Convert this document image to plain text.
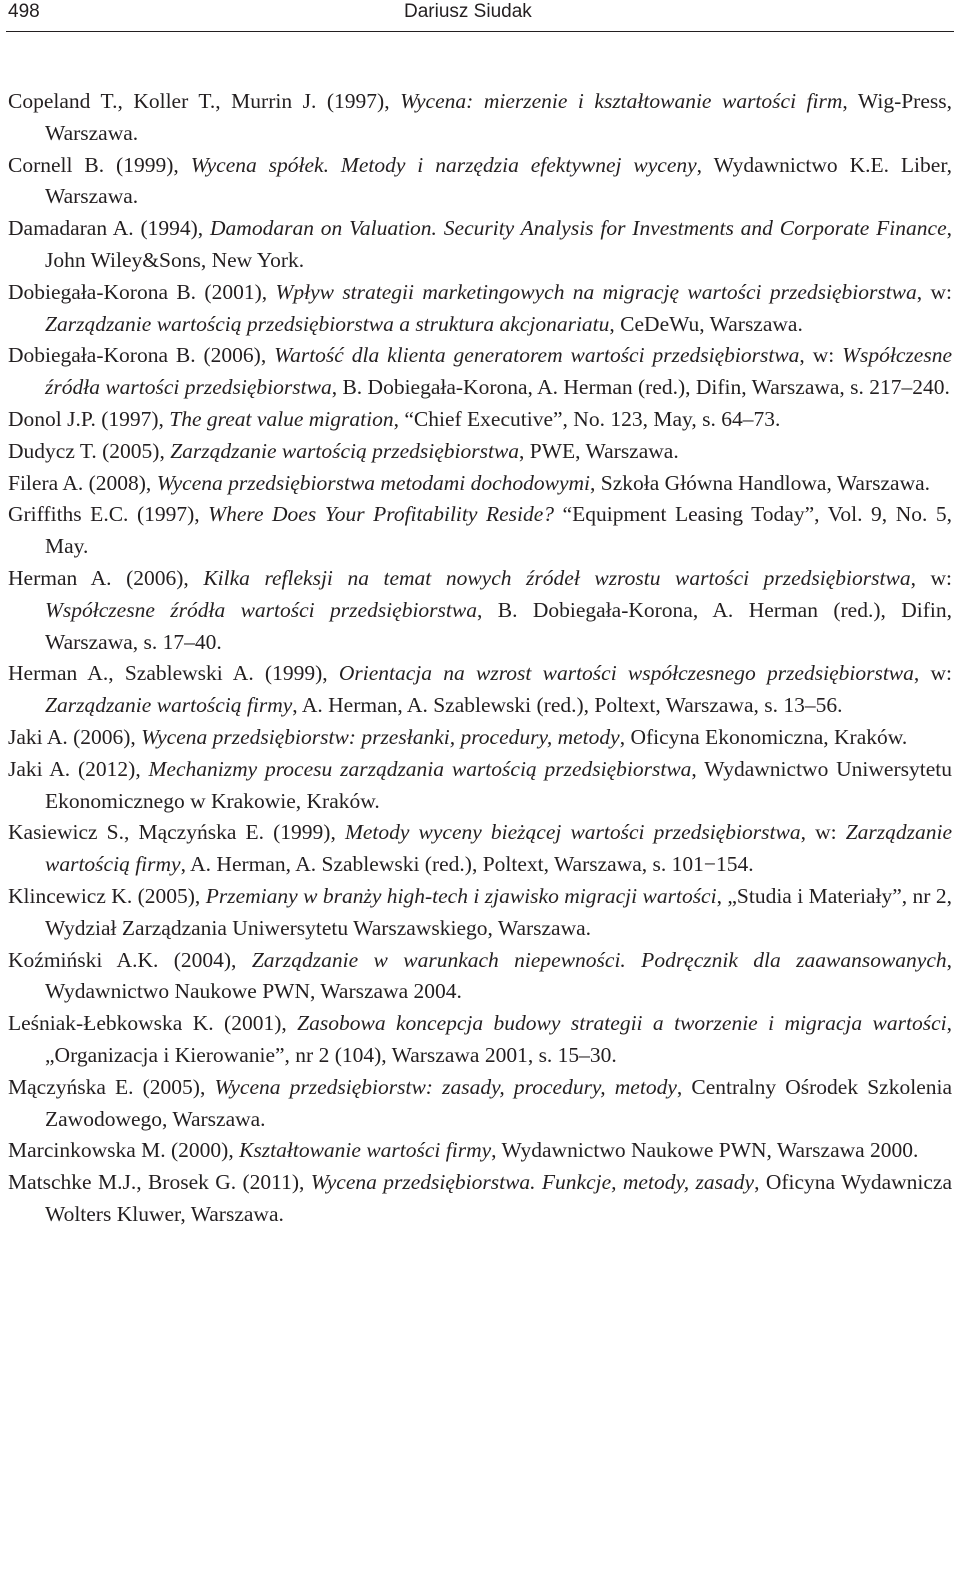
498	Dariusz Siudak

Copeland T., Koller T., Murrin J. (1997), Wycena: mierzenie i kształtowanie wartości firm, Wig-Press, Warszawa.

Cornell B. (1999), Wycena spółek. Metody i narzędzia efektywnej wyceny, Wydawnictwo K.E. Liber, Warszawa.

Damadaran A. (1994), Damodaran on Valuation. Security Analysis for Investments and Corporate Finance, John Wiley&Sons, New York.

Dobiegała-Korona B. (2001), Wpływ strategii marketingowych na migrację wartości przedsiębiorstwa, w: Zarządzanie wartością przedsiębiorstwa a struktura akcjonariatu, CeDeWu, Warszawa.

Dobiegała-Korona B. (2006), Wartość dla klienta generatorem wartości przedsiębiorstwa, w: Współczesne źródła wartości przedsiębiorstwa, B. Dobiegała-Korona, A. Herman (red.), Difin, Warszawa, s. 217–240.

Donol J.P. (1997), The great value migration, “Chief Executive”, No. 123, May, s. 64–73.

Dudycz T. (2005), Zarządzanie wartością przedsiębiorstwa, PWE, Warszawa.

Filera A. (2008), Wycena przedsiębiorstwa metodami dochodowymi, Szkoła Główna Handlowa, Warszawa.

Griffiths E.C. (1997), Where Does Your Profitability Reside? “Equipment Leasing Today”, Vol. 9, No. 5, May.

Herman A. (2006), Kilka refleksji na temat nowych źródeł wzrostu wartości przedsiębiorstwa, w: Współczesne źródła wartości przedsiębiorstwa, B. Dobiegała-Korona, A. Herman (red.), Difin, Warszawa, s. 17–40.

Herman A., Szablewski A. (1999), Orientacja na wzrost wartości współczesnego przedsiębiorstwa, w: Zarządzanie wartością firmy, A. Herman, A. Szablewski (red.), Poltext, Warszawa, s. 13–56.

Jaki A. (2006), Wycena przedsiębiorstw: przesłanki, procedury, metody, Oficyna Ekonomiczna, Kraków.

Jaki A. (2012), Mechanizmy procesu zarządzania wartością przedsiębiorstwa, Wydawnictwo Uniwersytetu Ekonomicznego w Krakowie, Kraków.

Kasiewicz S., Mączyńska E. (1999), Metody wyceny bieżącej wartości przedsiębiorstwa, w: Zarządzanie wartością firmy, A. Herman, A. Szablewski (red.), Poltext, Warszawa, s. 101−154.

Klincewicz K. (2005), Przemiany w branży high-tech i zjawisko migracji wartości, „Studia i Materiały”, nr 2, Wydział Zarządzania Uniwersytetu Warszawskiego, Warszawa.

Koźmiński A.K. (2004), Zarządzanie w warunkach niepewności. Podręcznik dla zaawansowanych, Wydawnictwo Naukowe PWN, Warszawa 2004.

Leśniak-Łebkowska K. (2001), Zasobowa koncepcja budowy strategii a tworzenie i migracja wartości, „Organizacja i Kierowanie”, nr 2 (104), Warszawa 2001, s. 15–30.

Mączyńska E. (2005), Wycena przedsiębiorstw: zasady, procedury, metody, Centralny Ośrodek Szkolenia Zawodowego, Warszawa.

Marcinkowska M. (2000), Kształtowanie wartości firmy, Wydawnictwo Naukowe PWN, Warszawa 2000.

Matschke M.J., Brosek G. (2011), Wycena przedsiębiorstwa. Funkcje, metody, zasady, Oficyna Wydawnicza Wolters Kluwer, Warszawa.
